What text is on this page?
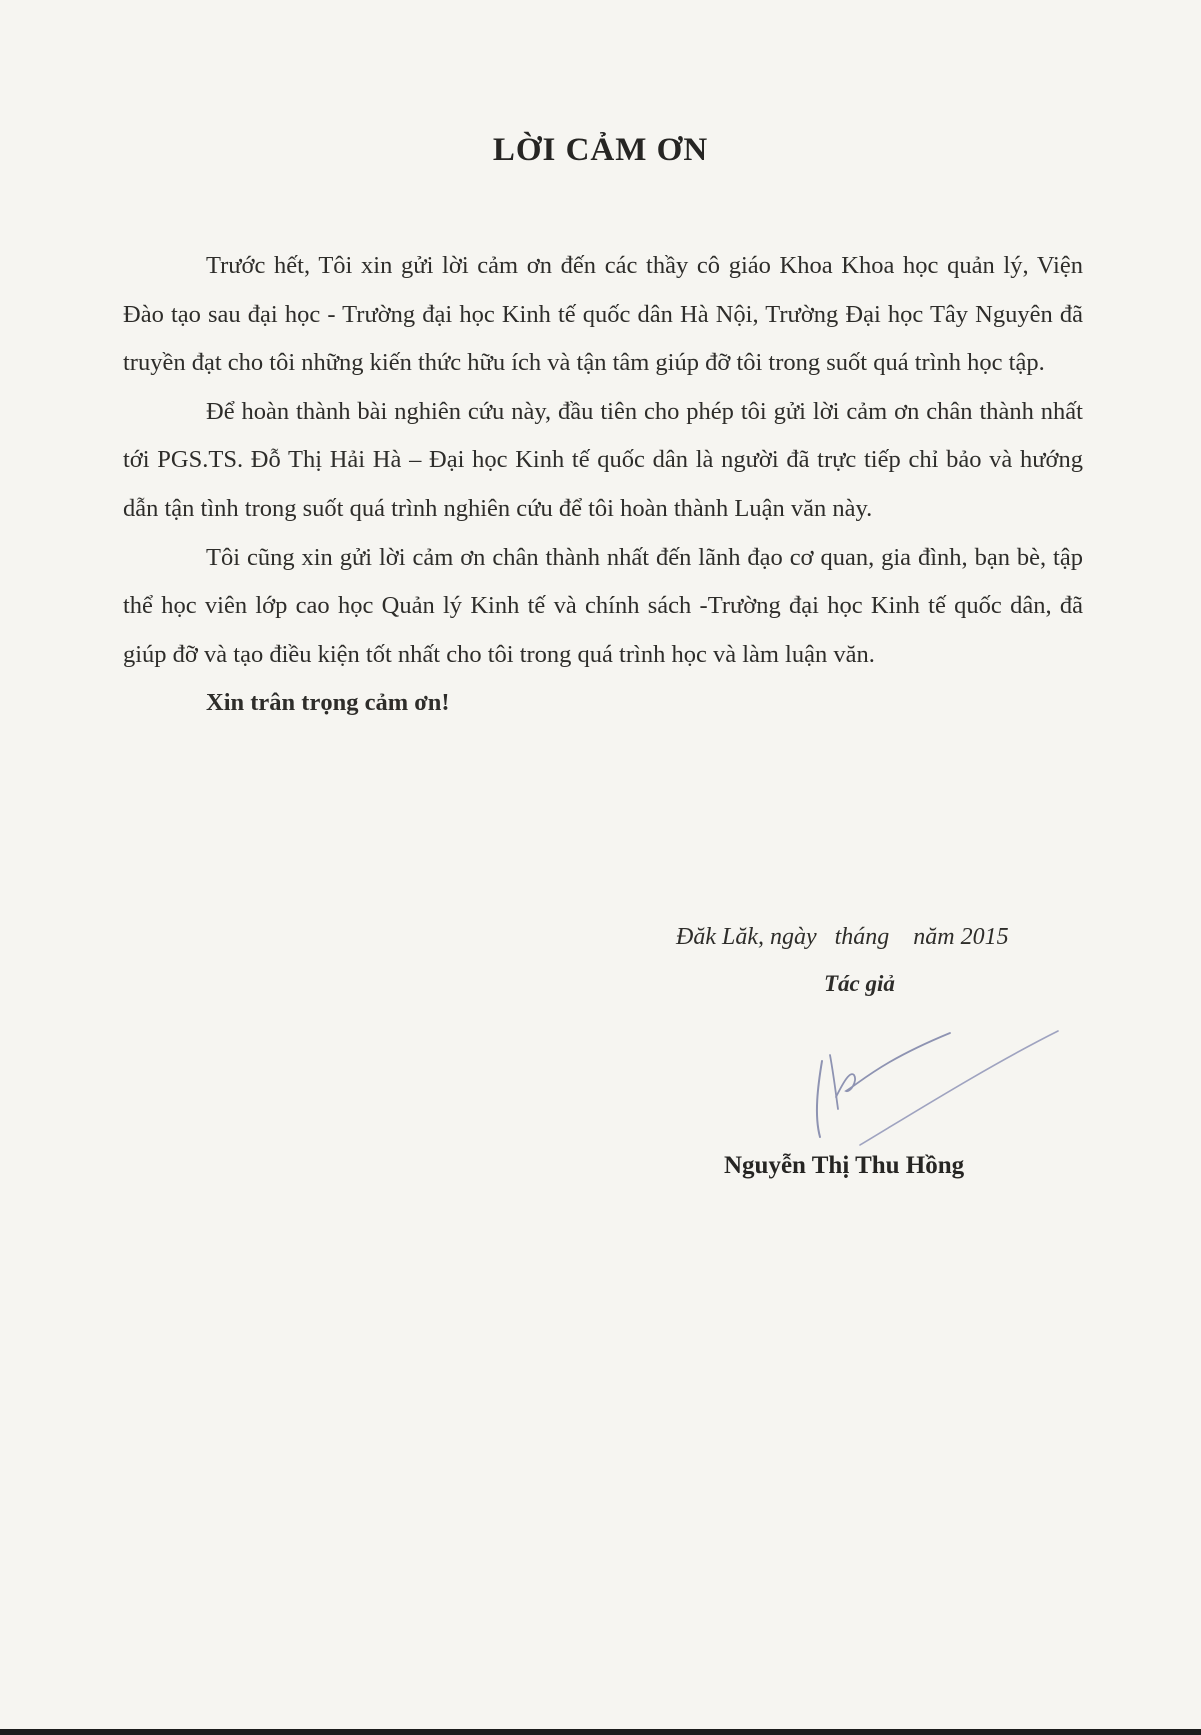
LỜI CẢM ƠN

Trước hết, Tôi xin gửi lời cảm ơn đến các thầy cô giáo Khoa Khoa học quản lý, Viện Đào tạo sau đại học - Trường đại học Kinh tế quốc dân Hà Nội, Trường Đại học Tây Nguyên đã truyền đạt cho tôi những kiến thức hữu ích và tận tâm giúp đỡ tôi trong suốt quá trình học tập.

Để hoàn thành bài nghiên cứu này, đầu tiên cho phép tôi gửi lời cảm ơn chân thành nhất tới PGS.TS. Đỗ Thị Hải Hà – Đại học Kinh tế quốc dân là người đã trực tiếp chỉ bảo và hướng dẫn tận tình trong suốt quá trình nghiên cứu để tôi hoàn thành Luận văn này.

Tôi cũng xin gửi lời cảm ơn chân thành nhất đến lãnh đạo cơ quan, gia đình, bạn bè, tập thể học viên lớp cao học Quản lý Kinh tế và chính sách -Trường đại học Kinh tế quốc dân, đã giúp đỡ và tạo điều kiện tốt nhất cho tôi trong quá trình học và làm luận văn.

Xin trân trọng cảm ơn!

Đăk Lăk, ngày   tháng    năm 2015
Tác giả
Nguyễn Thị Thu Hồng
